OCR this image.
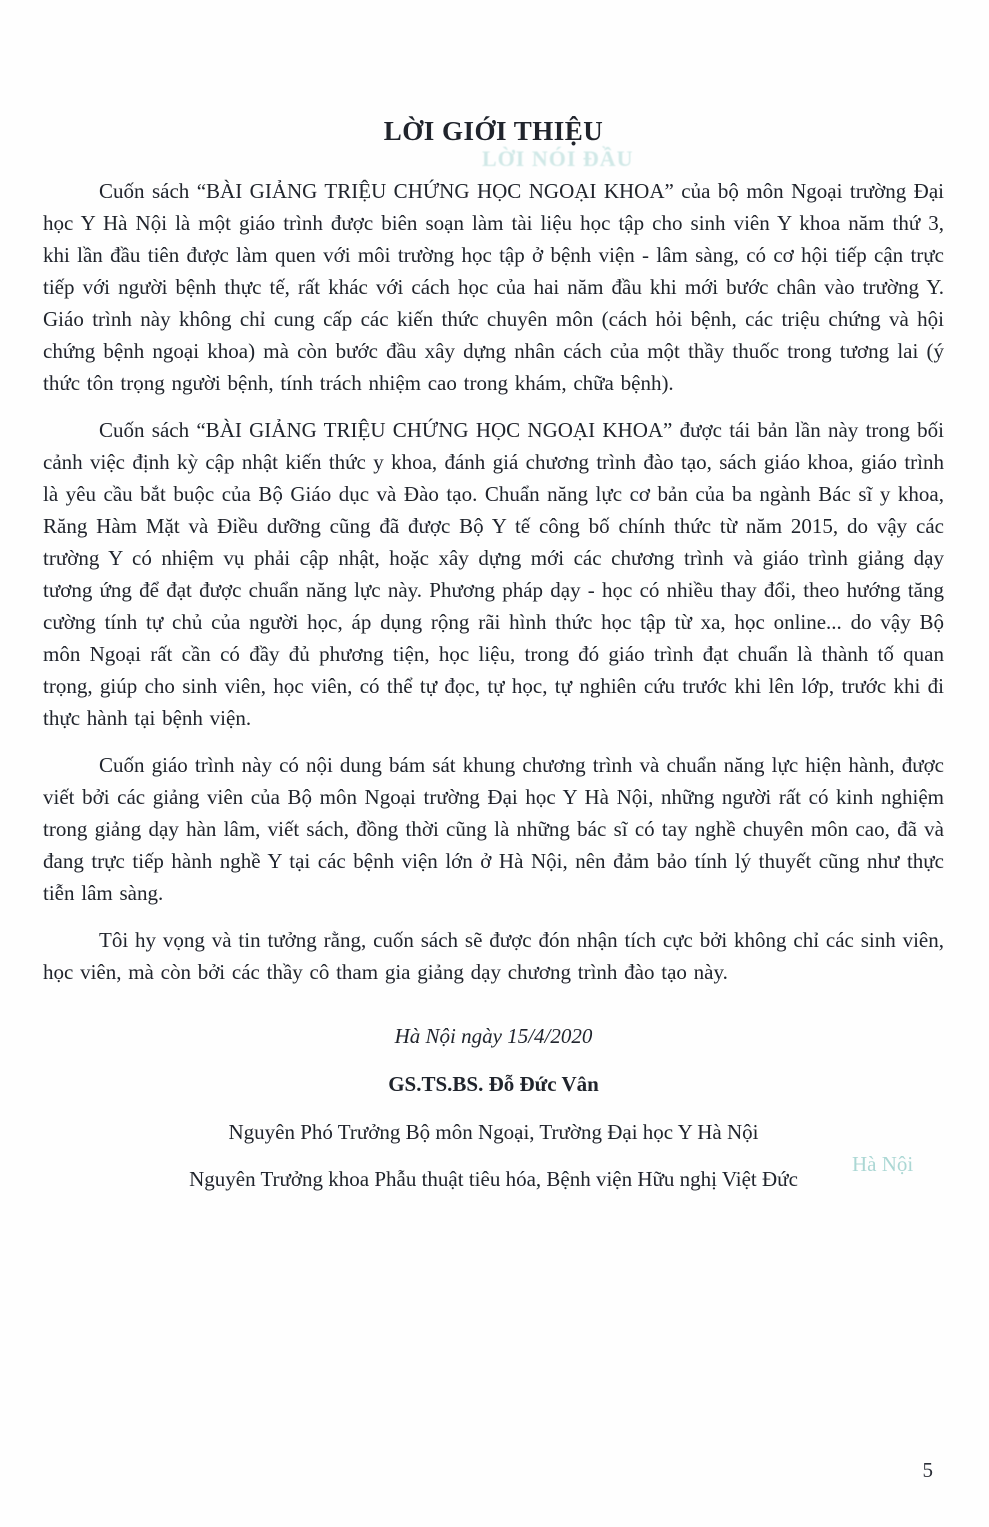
LỜI NÓI ĐẦU
LỜI GIỚI THIỆU

Cuốn sách “BÀI GIẢNG TRIỆU CHỨNG HỌC NGOẠI KHOA” của bộ môn Ngoại trường Đại học Y Hà Nội là một giáo trình được biên soạn làm tài liệu học tập cho sinh viên Y khoa năm thứ 3, khi lần đầu tiên được làm quen với môi trường học tập ở bệnh viện - lâm sàng, có cơ hội tiếp cận trực tiếp với người bệnh thực tế, rất khác với cách học của hai năm đầu khi mới bước chân vào trường Y. Giáo trình này không chỉ cung cấp các kiến thức chuyên môn (cách hỏi bệnh, các triệu chứng và hội chứng bệnh ngoại khoa) mà còn bước đầu xây dựng nhân cách của một thầy thuốc trong tương lai (ý thức tôn trọng người bệnh, tính trách nhiệm cao trong khám, chữa bệnh).

Cuốn sách “BÀI GIẢNG TRIỆU CHỨNG HỌC NGOẠI KHOA” được tái bản lần này trong bối cảnh việc định kỳ cập nhật kiến thức y khoa, đánh giá chương trình đào tạo, sách giáo khoa, giáo trình là yêu cầu bắt buộc của Bộ Giáo dục và Đào tạo. Chuẩn năng lực cơ bản của ba ngành Bác sĩ y khoa, Răng Hàm Mặt và Điều dưỡng cũng đã được Bộ Y tế công bố chính thức từ năm 2015, do vậy các trường Y có nhiệm vụ phải cập nhật, hoặc xây dựng mới các chương trình và giáo trình giảng dạy tương ứng để đạt được chuẩn năng lực này. Phương pháp dạy - học có nhiều thay đổi, theo hướng tăng cường tính tự chủ của người học, áp dụng rộng rãi hình thức học tập từ xa, học online... do vậy Bộ môn Ngoại rất cần có đầy đủ phương tiện, học liệu, trong đó giáo trình đạt chuẩn là thành tố quan trọng, giúp cho sinh viên, học viên, có thể tự đọc, tự học, tự nghiên cứu trước khi lên lớp, trước khi đi thực hành tại bệnh viện.

Cuốn giáo trình này có nội dung bám sát khung chương trình và chuẩn năng lực hiện hành, được viết bởi các giảng viên của Bộ môn Ngoại trường Đại học Y Hà Nội, những người rất có kinh nghiệm trong giảng dạy hàn lâm, viết sách, đồng thời cũng là những bác sĩ có tay nghề chuyên môn cao, đã và đang trực tiếp hành nghề Y tại các bệnh viện lớn ở Hà Nội, nên đảm bảo tính lý thuyết cũng như thực tiễn lâm sàng.

Tôi hy vọng và tin tưởng rằng, cuốn sách sẽ được đón nhận tích cực bởi không chỉ các sinh viên, học viên, mà còn bởi các thầy cô tham gia giảng dạy chương trình đào tạo này.

Hà Nội ngày 15/4/2020
GS.TS.BS. Đỗ Đức Vân
Nguyên Phó Trưởng Bộ môn Ngoại, Trường Đại học Y Hà Nội
Nguyên Trưởng khoa Phẫu thuật tiêu hóa, Bệnh viện Hữu nghị Việt Đức
Hà Nội
5
